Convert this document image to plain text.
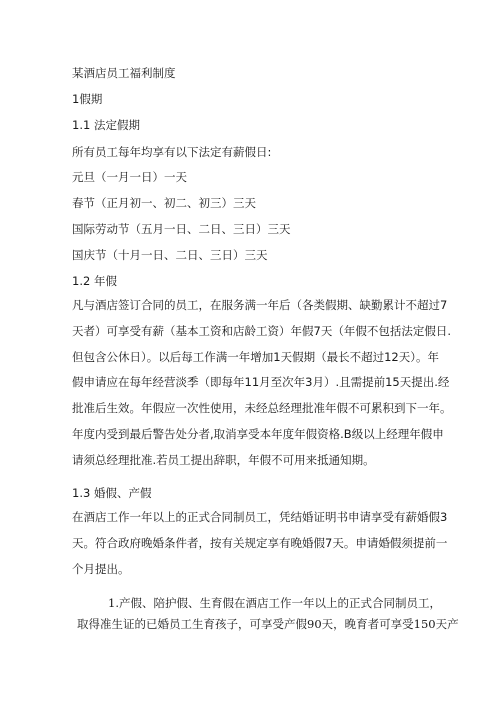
某酒店员工福利制度
1假期
1.1 法定假期
所有员工每年均享有以下法定有薪假日:
元旦（一月一日）一天
春节（正月初一、初二、初三）三天
国际劳动节（五月一日、二日、三日）三天
国庆节（十月一日、二日、三日）三天
1.2 年假
凡与酒店签订合同的员工，在服务满一年后（各类假期、缺勤累计不超过7
天者）可享受有薪（基本工资和店龄工资）年假7天（年假不包括法定假日.
但包含公休日）。以后每工作满一年增加1天假期（最长不超过12天）。年
假申请应在每年经营淡季（即每年11月至次年3月）.且需提前15天提出.经
批准后生效。年假应一次性使用，未经总经理批准年假不可累积到下一年。
年度内受到最后警告处分者,取消享受本年度年假资格.B级以上经理年假申
请须总经理批准.若员工提出辞职，年假不可用来抵通知期。
1.3 婚假、产假
在酒店工作一年以上的正式合同制员工，凭结婚证明书申请享受有薪婚假3
天。符合政府晚婚条件者，按有关规定享有晚婚假7天。申请婚假须提前一
个月提出。
1.产假、陪护假、生育假在酒店工作一年以上的正式合同制员工，
取得准生证的已婚员工生育孩子，可享受产假90天，晚育者可享受150天产
